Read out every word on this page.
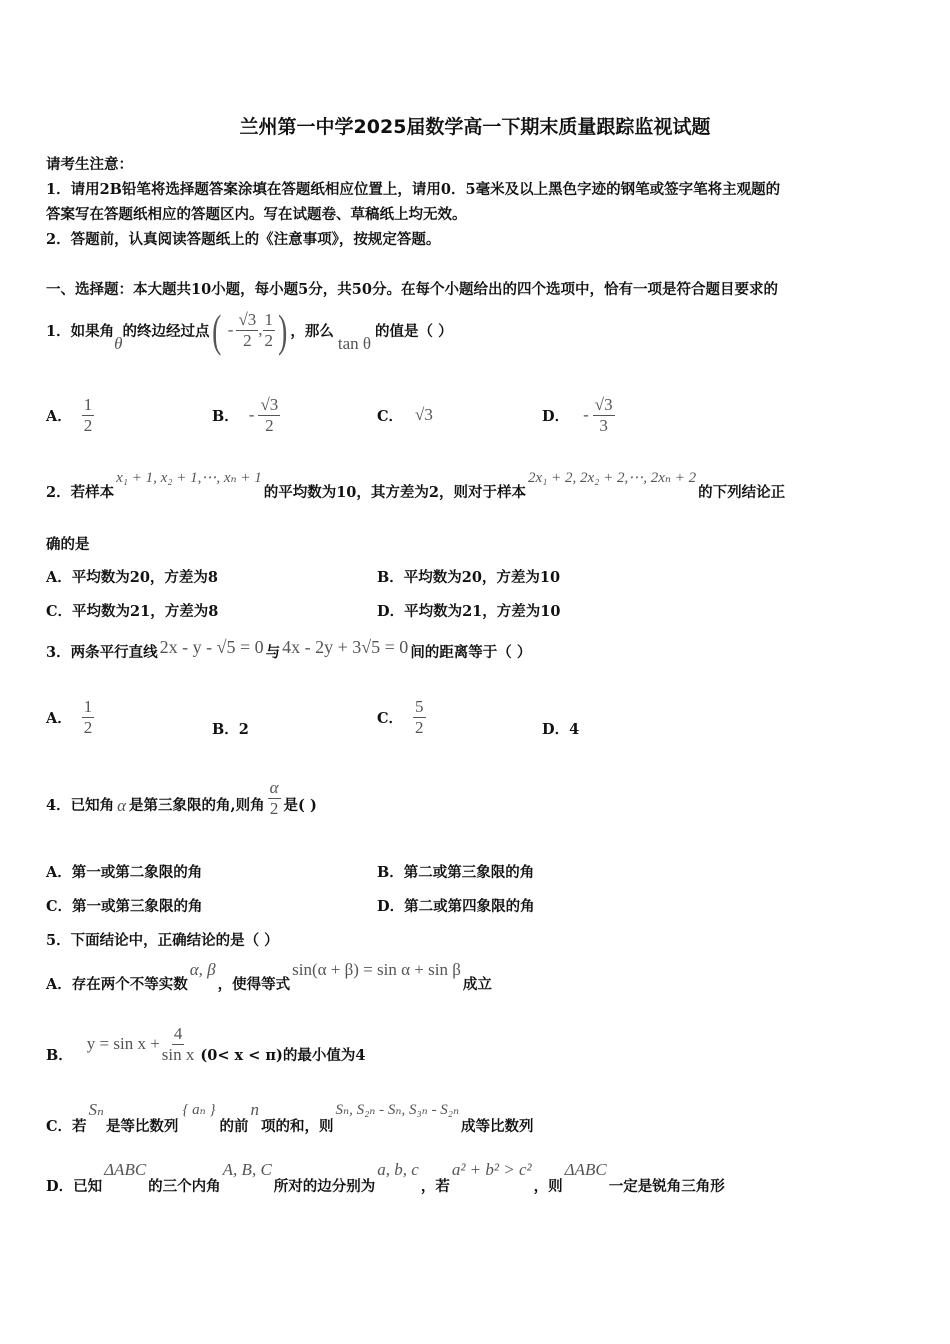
兰州第一中学2025届数学高一下期末质量跟踪监视试题
请考生注意：
1．请用2B铅笔将选择题答案涂填在答题纸相应位置上，请用0．5毫米及以上黑色字迹的钢笔或签字笔将主观题的
答案写在答题纸相应的答题区内。写在试题卷、草稿纸上均无效。
2．答题前，认真阅读答题纸上的《注意事项》，按规定答题。
一、选择题：本大题共10小题，每小题5分，共50分。在每个小题给出的四个选项中，恰有一项是符合题目要求的
1．如果角
θ
的终边经过点 ( - $\frac{√3}{2}$ , $\frac{1}{2}$ ) ，那么
tan θ
的值是（ ）
A． $\frac{1}{2}$	B． - $\frac{√3}{2}$	C． √3	D． - $\frac{√3}{3}$
2．若样本
x₁ + 1, x₂ + 1,⋯, xₙ + 1
的平均数为10，其方差为2，则对于样本
2x₁ + 2, 2x₂ + 2,⋯, 2xₙ + 2
的下列结论正
确的是
A．平均数为20，方差为8	B．平均数为20，方差为10
C．平均数为21，方差为8	D．平均数为21，方差为10
3．两条平行直线 2x - y - √5 = 0 与 4x - 2y + 3√5 = 0 间的距离等于（ ）
A． $\frac{1}{2}$	B．2
C． $\frac{5}{2}$	D．4
4．已知角 α 是第三象限的角,则角 $\frac{\alpha}{2}$ 是( )
A．第一或第二象限的角	B．第二或第三象限的角
C．第一或第三象限的角	D．第二或第四象限的角
5．下面结论中，正确结论的是（ ）
A．存在两个不等实数
α, β
，使得等式
sin(α + β) = sin α + sin β
成立
B．
$y = \sin x + \frac{4}{\text{sin x}} (0< x < \pi)$的最小值为4
C．若
Sₙ
是等比数列
{ aₙ }
的前
n
项的和，则
Sₙ, S₂ₙ - Sₙ, S₃ₙ - S₂ₙ
成等比数列
D．已知
ΔABC
的三个内角
A, B, C
所对的边分别为
a, b, c
，若
a² + b² > c²
，则
ΔABC
一定是锐角三角形
